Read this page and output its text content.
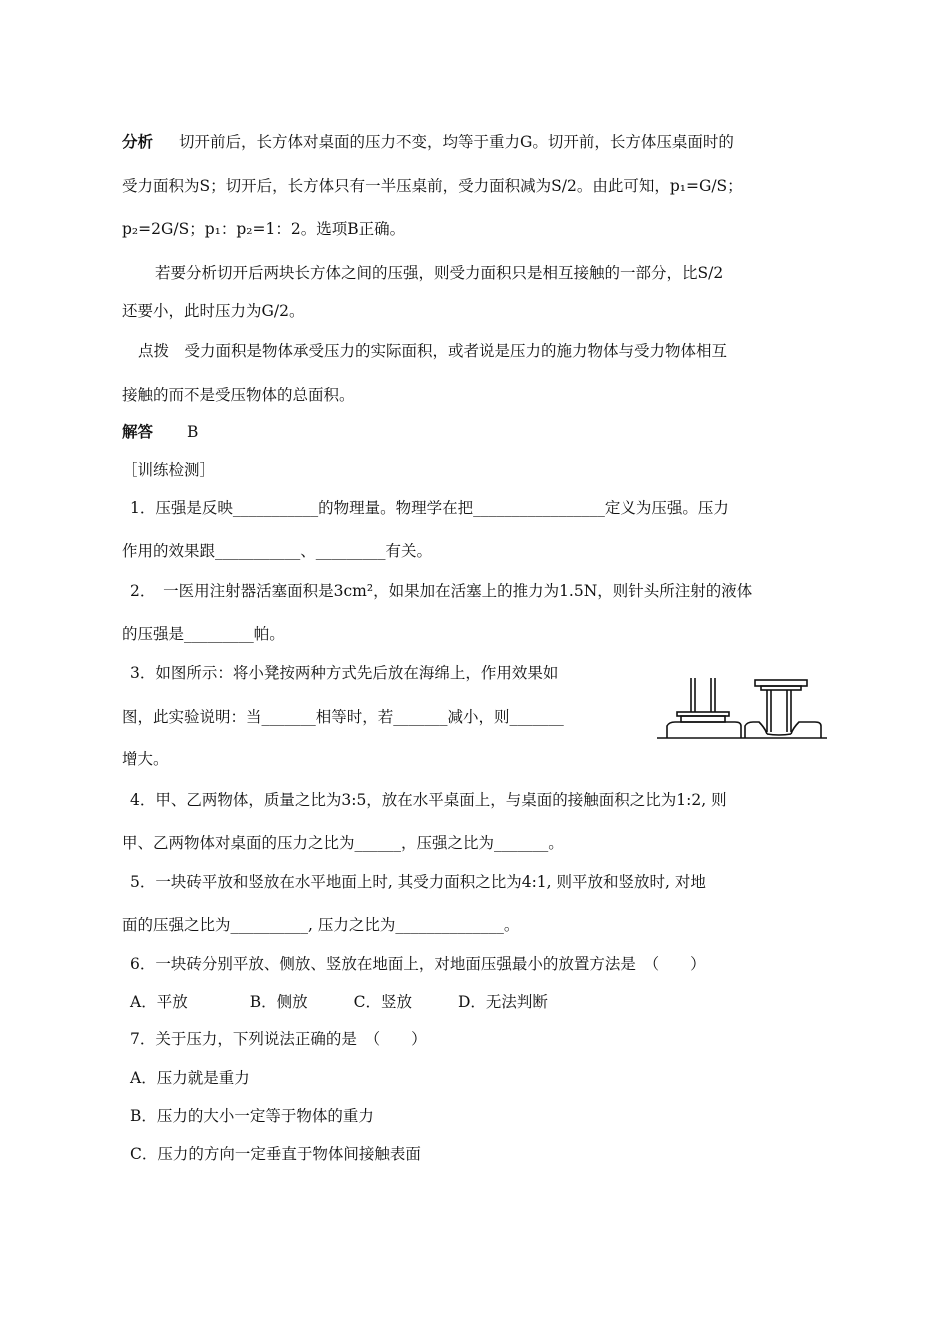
分析 切开前后，长方体对桌面的压力不变，均等于重力G。切开前，长方体压桌面时的
受力面积为S；切开后，长方体只有一半压桌前，受力面积减为S/2。由此可知，p₁=G/S；
p₂=2G/S；p₁：p₂=1：2。选项B正确。
若要分析切开后两块长方体之间的压强，则受力面积只是相互接触的一部分，比S/2
还要小，此时压力为G/2。
点拨　受力面积是物体承受压力的实际面积，或者说是压力的施力物体与受力物体相互
接触的而不是受压物体的总面积。
解答 B
［训练检测］
1．压强是反映___________的物理量。物理学在把_________________定义为压强。压力
作用的效果跟___________、_________有关。
2．　一医用注射器活塞面积是3cm²，如果加在活塞上的推力为1.5N，则针头所注射的液体
的压强是_________帕。
3．如图所示：将小凳按两种方式先后放在海绵上，作用效果如
图，此实验说明：当_______相等时，若_______减小，则_______
增大。
4．甲、乙两物体，质量之比为3:5，放在水平桌面上，与桌面的接触面积之比为1:2, 则
甲、乙两物体对桌面的压力之比为______，压强之比为_______。
5．一块砖平放和竖放在水平地面上时, 其受力面积之比为4:1, 则平放和竖放时, 对地
面的压强之比为__________, 压力之比为______________。
6．一块砖分别平放、侧放、竖放在地面上，对地面压强最小的放置方法是　（　　）
A．平放	B．侧放	C．竖放	D．无法判断
7．关于压力，下列说法正确的是　（　　）
A．压力就是重力
B．压力的大小一定等于物体的重力
C．压力的方向一定垂直于物体间接触表面
